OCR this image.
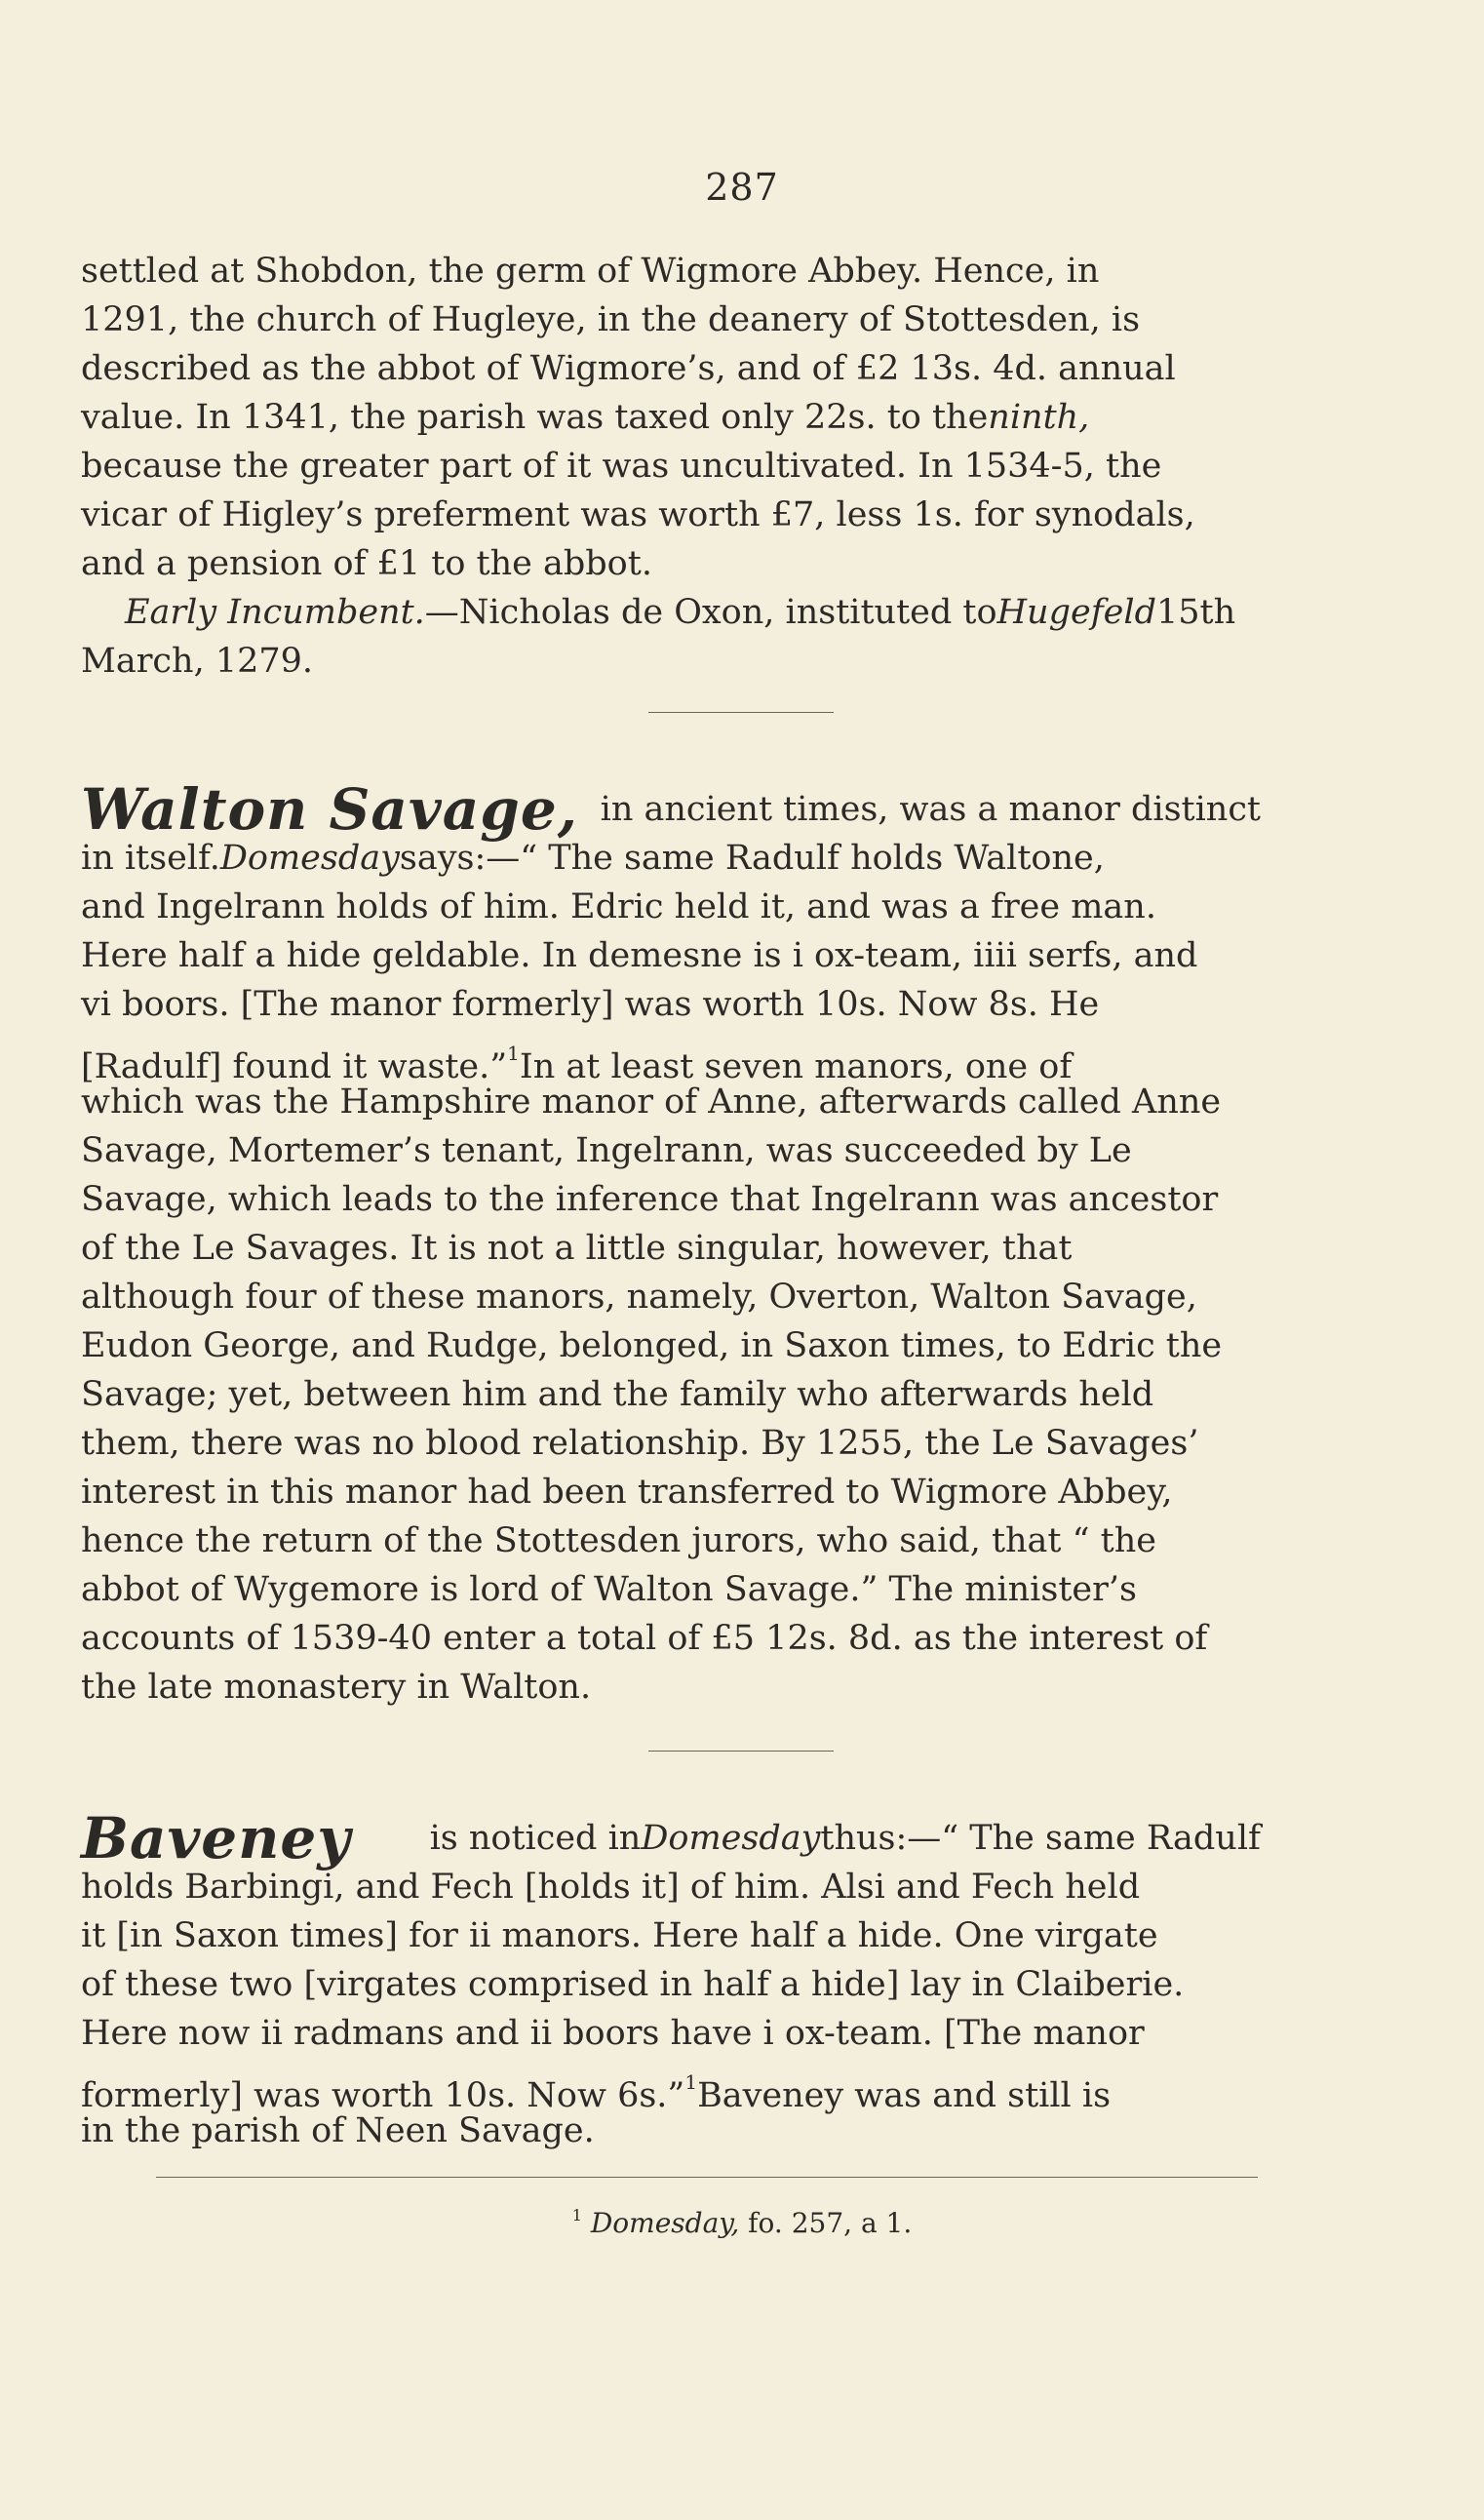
287
settled at Shobdon, the germ of Wigmore Abbey. Hence, in
1291, the church of Hugleye, in the deanery of Stottesden, is
described as the abbot of Wigmore’s, and of £2 13s. 4d. annual
value. In 1341, the parish was taxed only 22s. to theninth,
because the greater part of it was uncultivated. In 1534-5, the
vicar of Higley’s preferment was worth £7, less 1s. for synodals,
and a pension of £1 to the abbot.
Early Incumbent.—Nicholas de Oxon, instituted toHugefeld15th
March, 1279.
Walton Savage, in ancient times, was a manor distinct
in itself.Domesdaysays:—“ The same Radulf holds Waltone,
and Ingelrann holds of him. Edric held it, and was a free man.
Here half a hide geldable. In demesne is i ox-team, iiii serfs, and
vi boors. [The manor formerly] was worth 10s. Now 8s. He
[Radulf] found it waste.”1In at least seven manors, one of
which was the Hampshire manor of Anne, afterwards called Anne
Savage, Mortemer’s tenant, Ingelrann, was succeeded by Le
Savage, which leads to the inference that Ingelrann was ancestor
of the Le Savages. It is not a little singular, however, that
although four of these manors, namely, Overton, Walton Savage,
Eudon George, and Rudge, belonged, in Saxon times, to Edric the
Savage; yet, between him and the family who afterwards held
them, there was no blood relationship. By 1255, the Le Savages’
interest in this manor had been transferred to Wigmore Abbey,
hence the return of the Stottesden jurors, who said, that “ the
abbot of Wygemore is lord of Walton Savage.” The minister’s
accounts of 1539-40 enter a total of £5 12s. 8d. as the interest of
the late monastery in Walton.
Baveney	is noticed inDomesdaythus:—“ The same Radulf
holds Barbingi, and Fech [holds it] of him. Alsi and Fech held
it [in Saxon times] for ii manors. Here half a hide. One virgate
of these two [virgates comprised in half a hide] lay in Claiberie.
Here now ii radmans and ii boors have i ox-team. [The manor
formerly] was worth 10s. Now 6s.”1Baveney was and still is
in the parish of Neen Savage.
$^1$ Domesday, fo. 257, a 1.
